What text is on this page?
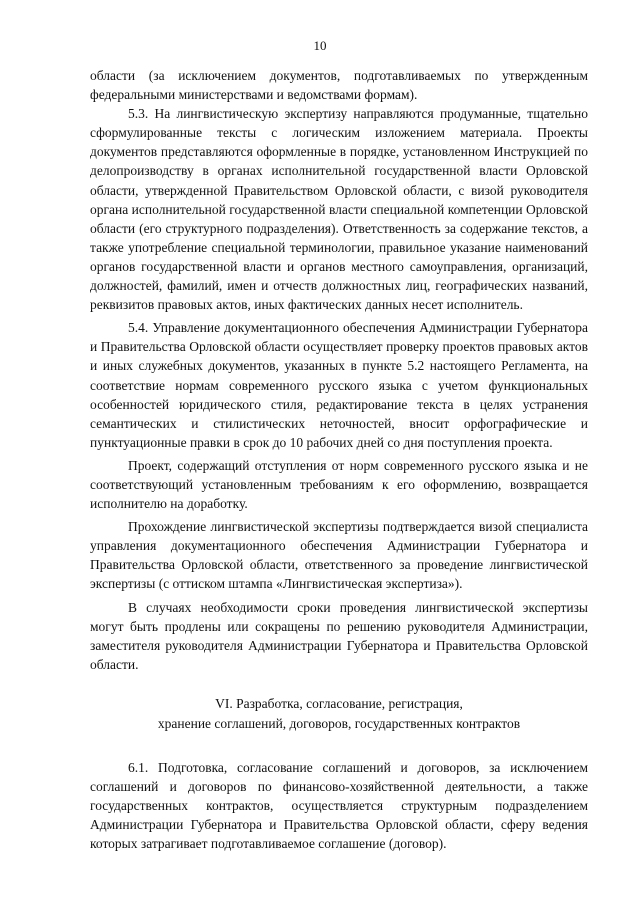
10

области (за исключением документов, подготавливаемых по утвержденным федеральными министерствами и ведомствами формам).

5.3. На лингвистическую экспертизу направляются продуманные, тщательно сформулированные тексты с логическим изложением материала. Проекты документов представляются оформленные в порядке, установленном Инструкцией по делопроизводству в органах исполнительной государственной власти Орловской области, утвержденной Правительством Орловской области, с визой руководителя органа исполнительной государственной власти специальной компетенции Орловской области (его структурного подразделения). Ответственность за содержание текстов, а также употребление специальной терминологии, правильное указание наименований органов государственной власти и органов местного самоуправления, организаций, должностей, фамилий, имен и отчеств должностных лиц, географических названий, реквизитов правовых актов, иных фактических данных несет исполнитель.

5.4. Управление документационного обеспечения Администрации Губернатора и Правительства Орловской области осуществляет проверку проектов правовых актов и иных служебных документов, указанных в пункте 5.2 настоящего Регламента, на соответствие нормам современного русского языка с учетом функциональных особенностей юридического стиля, редактирование текста в целях устранения семантических и стилистических неточностей, вносит орфографические и пунктуационные правки в срок до 10 рабочих дней со дня поступления проекта.

Проект, содержащий отступления от норм современного русского языка и не соответствующий установленным требованиям к его оформлению, возвращается исполнителю на доработку.

Прохождение лингвистической экспертизы подтверждается визой специалиста управления документационного обеспечения Администрации Губернатора и Правительства Орловской области, ответственного за проведение лингвистической экспертизы (с оттиском штампа «Лингвистическая экспертиза»).

В случаях необходимости сроки проведения лингвистической экспертизы могут быть продлены или сокращены по решению руководителя Администрации, заместителя руководителя Администрации Губернатора и Правительства Орловской области.

VI. Разработка, согласование, регистрация,
хранение соглашений, договоров, государственных контрактов

6.1. Подготовка, согласование соглашений и договоров, за исключением соглашений и договоров по финансово-хозяйственной деятельности, а также государственных контрактов, осуществляется структурным подразделением Администрации Губернатора и Правительства Орловской области, сферу ведения которых затрагивает подготавливаемое соглашение (договор).
